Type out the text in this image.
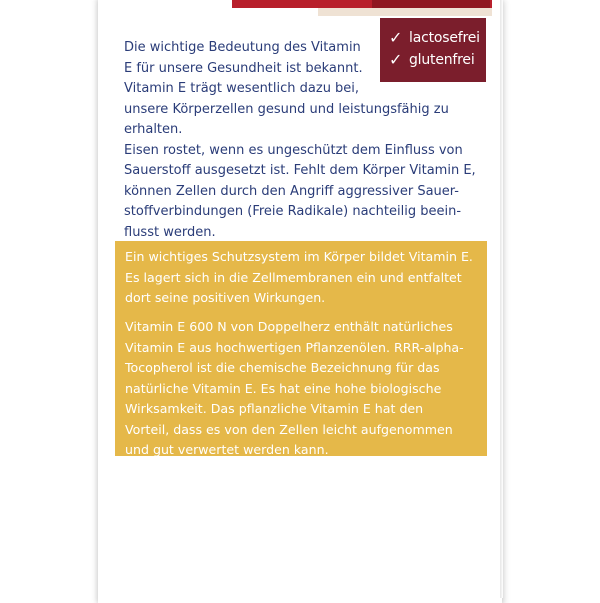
✓ lactosefrei
✓ glutenfrei

Die wichtige Bedeutung des Vitamin
E für unsere Gesundheit ist bekannt.
Vitamin E trägt wesentlich dazu bei,

unsere Körperzellen gesund und leistungsfähig zu
erhalten.

Eisen rostet, wenn es ungeschützt dem Einfluss von
Sauerstoff ausgesetzt ist. Fehlt dem Körper Vitamin E,
können Zellen durch den Angriff aggressiver Sauer-
stoffverbindungen (Freie Radikale) nachteilig beein-
flusst werden.

Ein wichtiges Schutzsystem im Körper bildet Vitamin E.
Es lagert sich in die Zellmembranen ein und entfaltet
dort seine positiven Wirkungen.

Vitamin E 600 N von Doppelherz enthält natürliches
Vitamin E aus hochwertigen Pflanzenölen. RRR-alpha-
Tocopherol ist die chemische Bezeichnung für das
natürliche Vitamin E. Es hat eine hohe biologische
Wirksamkeit. Das pflanzliche Vitamin E hat den
Vorteil, dass es von den Zellen leicht aufgenommen
und gut verwertet werden kann.
